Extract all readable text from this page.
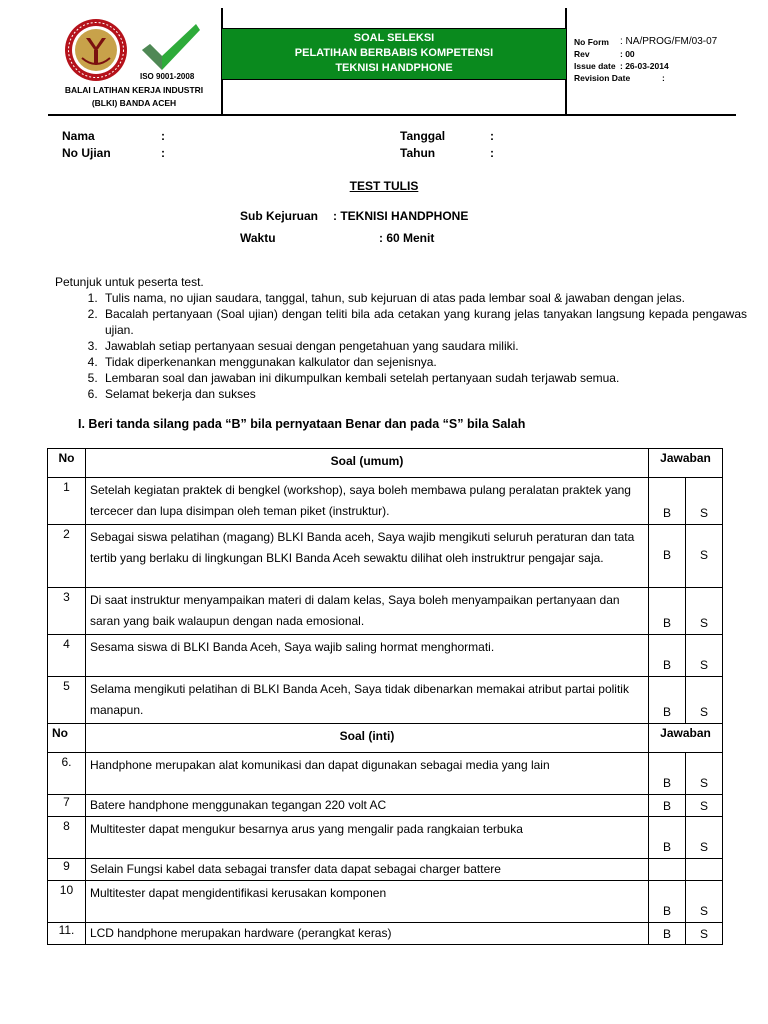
ISO 9001-2008
BALAI LATIHAN KERJA INDUSTRI
(BLKI) BANDA ACEH
SOAL SELEKSI
PELATIHAN BERBABIS KOMPETENSI
TEKNISI HANDPHONE
No Form	: NA/PROG/FM/03-07
Rev	: 00
Issue date : 26-03-2014
Revision Date	:
Nama	:
No Ujian	:
Tanggal	:
Tahun	:
TEST TULIS
Sub Kejuruan : TEKNISI HANDPHONE
Waktu	: 60 Menit
Petunjuk untuk peserta test.
1. Tulis nama, no ujian saudara, tanggal, tahun, sub kejuruan di atas pada lembar soal & jawaban dengan jelas.
2. Bacalah pertanyaan (Soal ujian) dengan teliti bila ada cetakan yang kurang jelas tanyakan langsung kepada pengawas ujian.
3. Jawablah setiap pertanyaan sesuai dengan pengetahuan yang saudara miliki.
4. Tidak diperkenankan menggunakan kalkulator dan sejenisnya.
5. Lembaran soal dan jawaban ini dikumpulkan kembali setelah pertanyaan sudah terjawab semua.
6. Selamat bekerja dan sukses
I. Beri tanda silang pada “B” bila pernyataan Benar dan pada “S” bila Salah
No	Soal (umum)	Jawaban	
1	Setelah kegiatan praktek di bengkel (workshop), saya boleh membawa pulang peralatan praktek yang tercecer dan lupa disimpan oleh teman piket (instruktur).	B	S
2	Sebagai siswa pelatihan (magang) BLKI Banda aceh, Saya wajib mengikuti seluruh peraturan dan tata tertib yang berlaku di lingkungan BLKI Banda Aceh sewaktu dilihat oleh instruktrur pengajar saja.	B	S
3	Di saat instruktur menyampaikan materi di dalam kelas, Saya boleh menyampaikan pertanyaan dan saran yang baik walaupun dengan nada emosional.	B	S
4	Sesama siswa di BLKI Banda Aceh, Saya wajib saling hormat menghormati.	B	S
5	Selama mengikuti pelatihan di BLKI Banda Aceh, Saya tidak dibenarkan memakai atribut partai politik manapun.	B	S
No	Soal (inti)	Jawaban	
6.	Handphone merupakan alat komunikasi dan dapat digunakan sebagai media yang lain	B	S
7	Batere handphone menggunakan tegangan 220 volt AC	B	S
8	Multitester dapat mengukur besarnya arus yang mengalir pada rangkaian terbuka	B	S
9	Selain Fungsi kabel data sebagai transfer data dapat sebagai charger battere		
10	Multitester dapat mengidentifikasi kerusakan komponen	B	S
11.	LCD handphone merupakan hardware (perangkat keras)	B	S
